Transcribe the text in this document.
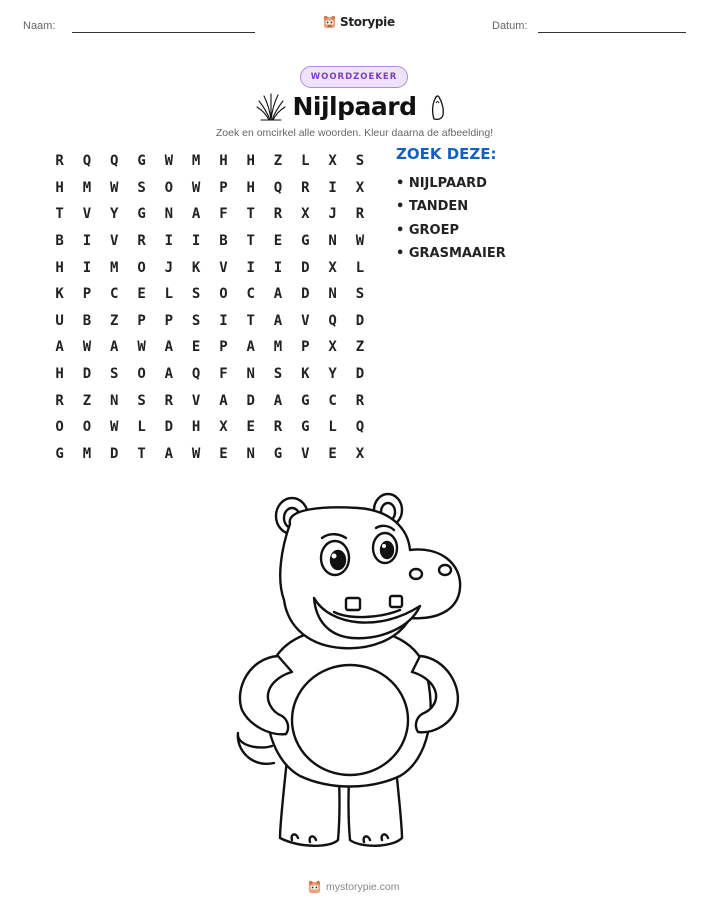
Naam:	Storypie	Datum:
WOORDZOEKER
Nijlpaard
Zoek en omcirkel alle woorden. Kleur daarna de afbeelding!
R	Q	Q	G	W	M	H	H	Z	L	X	S
H	M	W	S	O	W	P	H	Q	R	I	X
T	V	Y	G	N	A	F	T	R	X	J	R
B	I	V	R	I	I	B	T	E	G	N	W
H	I	M	O	J	K	V	I	I	D	X	L
K	P	C	E	L	S	O	C	A	D	N	S
U	B	Z	P	P	S	I	T	A	V	Q	D
A	W	A	W	A	E	P	A	M	P	X	Z
H	D	S	O	A	Q	F	N	S	K	Y	D
R	Z	N	S	R	V	A	D	A	G	C	R
O	O	W	L	D	H	X	E	R	G	L	Q
G	M	D	T	A	W	E	N	G	V	E	X
ZOEK DEZE:
• NIJLPAARD
• TANDEN
• GROEP
• GRASMAAIER
mystorypie.com
